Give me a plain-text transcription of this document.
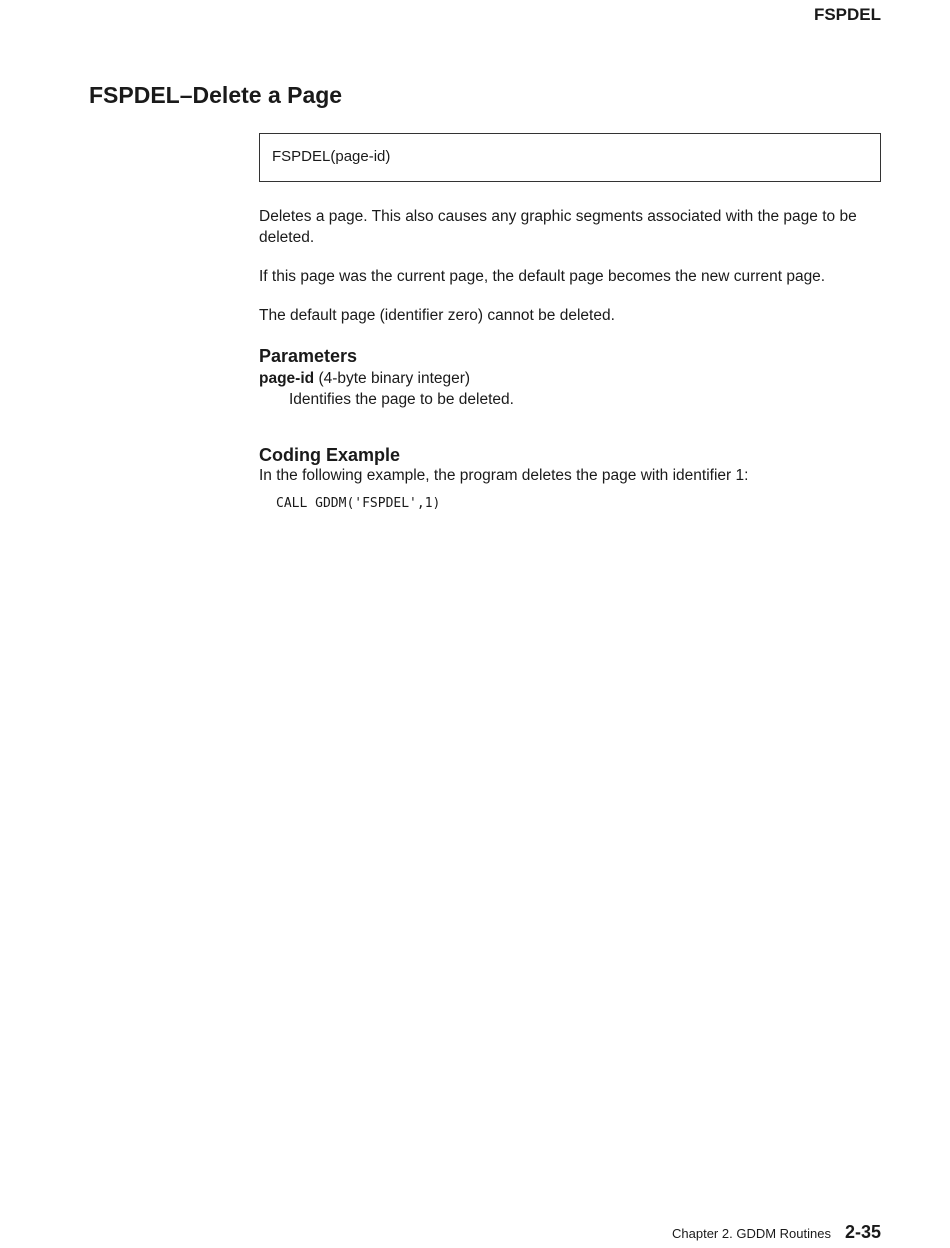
FSPDEL
FSPDEL–Delete a Page
FSPDEL(page-id)

Deletes a page. This also causes any graphic segments associated with the page to be deleted.

If this page was the current page, the default page becomes the new current page.

The default page (identifier zero) cannot be deleted.

Parameters
page-id (4-byte binary integer)
Identifies the page to be deleted.
Coding Example
In the following example, the program deletes the page with identifier 1:
CALL GDDM('FSPDEL',1)
Chapter 2. GDDM Routines 2-35
